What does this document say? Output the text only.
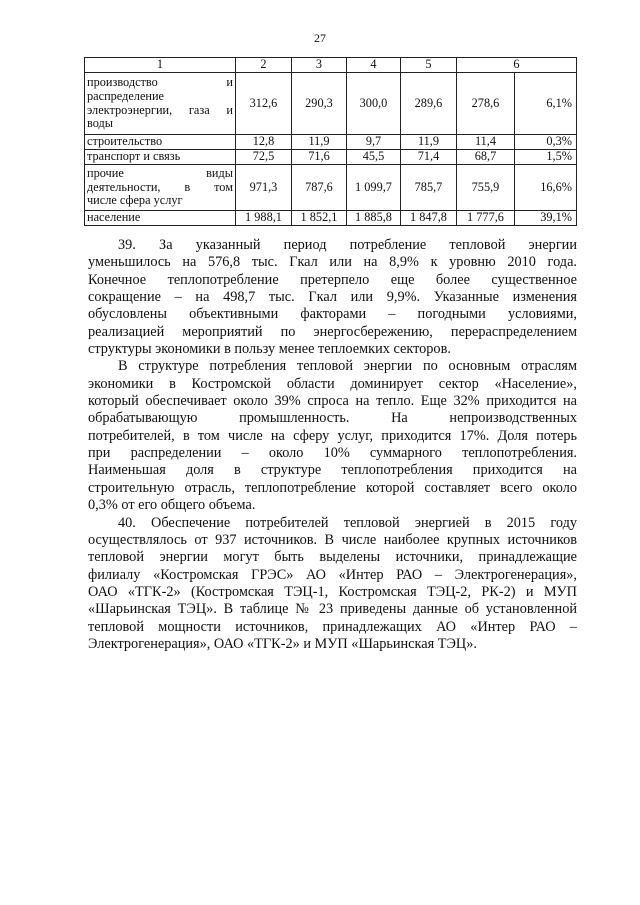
27
1	2	3	4	5	6	

производство и
распределение
электроэнергии, газа и
воды	312,6	290,3	300,0	289,6	278,6	6,1%

строительство	12,8	11,9	9,7	11,9	11,4	0,3%

транспорт и связь	72,5	71,6	45,5	71,4	68,7	1,5%

прочие виды
деятельности, в том
числе сфера услуг	971,3	787,6	1 099,7	785,7	755,9	16,6%

население	1 988,1	1 852,1	1 885,8	1 847,8	1 777,6	39,1%

39. За указанный период потребление тепловой энергии
уменьшилось на 576,8 тыс. Гкал или на 8,9% к уровню 2010 года.
Конечное теплопотребление претерпело еще более существенное
сокращение – на 498,7 тыс. Гкал или 9,9%. Указанные изменения
обусловлены объективными факторами – погодными условиями,
реализацией мероприятий по энергосбережению, перераспределением
структуры экономики в пользу менее теплоемких секторов.

В структуре потребления тепловой энергии по основным отраслям
экономики в Костромской области доминирует сектор «Население»,
который обеспечивает около 39% спроса на тепло. Еще 32% приходится на
обрабатывающую промышленность. На непроизводственных
потребителей, в том числе на сферу услуг, приходится 17%. Доля потерь
при распределении – около 10% суммарного теплопотребления.
Наименьшая доля в структуре теплопотребления приходится на
строительную отрасль, теплопотребление которой составляет всего около
0,3% от его общего объема.

40. Обеспечение потребителей тепловой энергией в 2015 году
осуществлялось от 937 источников. В числе наиболее крупных источников
тепловой энергии могут быть выделены источники, принадлежащие
филиалу «Костромская ГРЭС» АО «Интер РАО – Электрогенерация»,
ОАО «ТГК-2» (Костромская ТЭЦ-1, Костромская ТЭЦ-2, РК-2) и МУП
«Шарьинская ТЭЦ». В таблице № 23 приведены данные об установленной
тепловой мощности источников, принадлежащих АО «Интер РАО –
Электрогенерация», ОАО «ТГК-2» и МУП «Шарьинская ТЭЦ».
